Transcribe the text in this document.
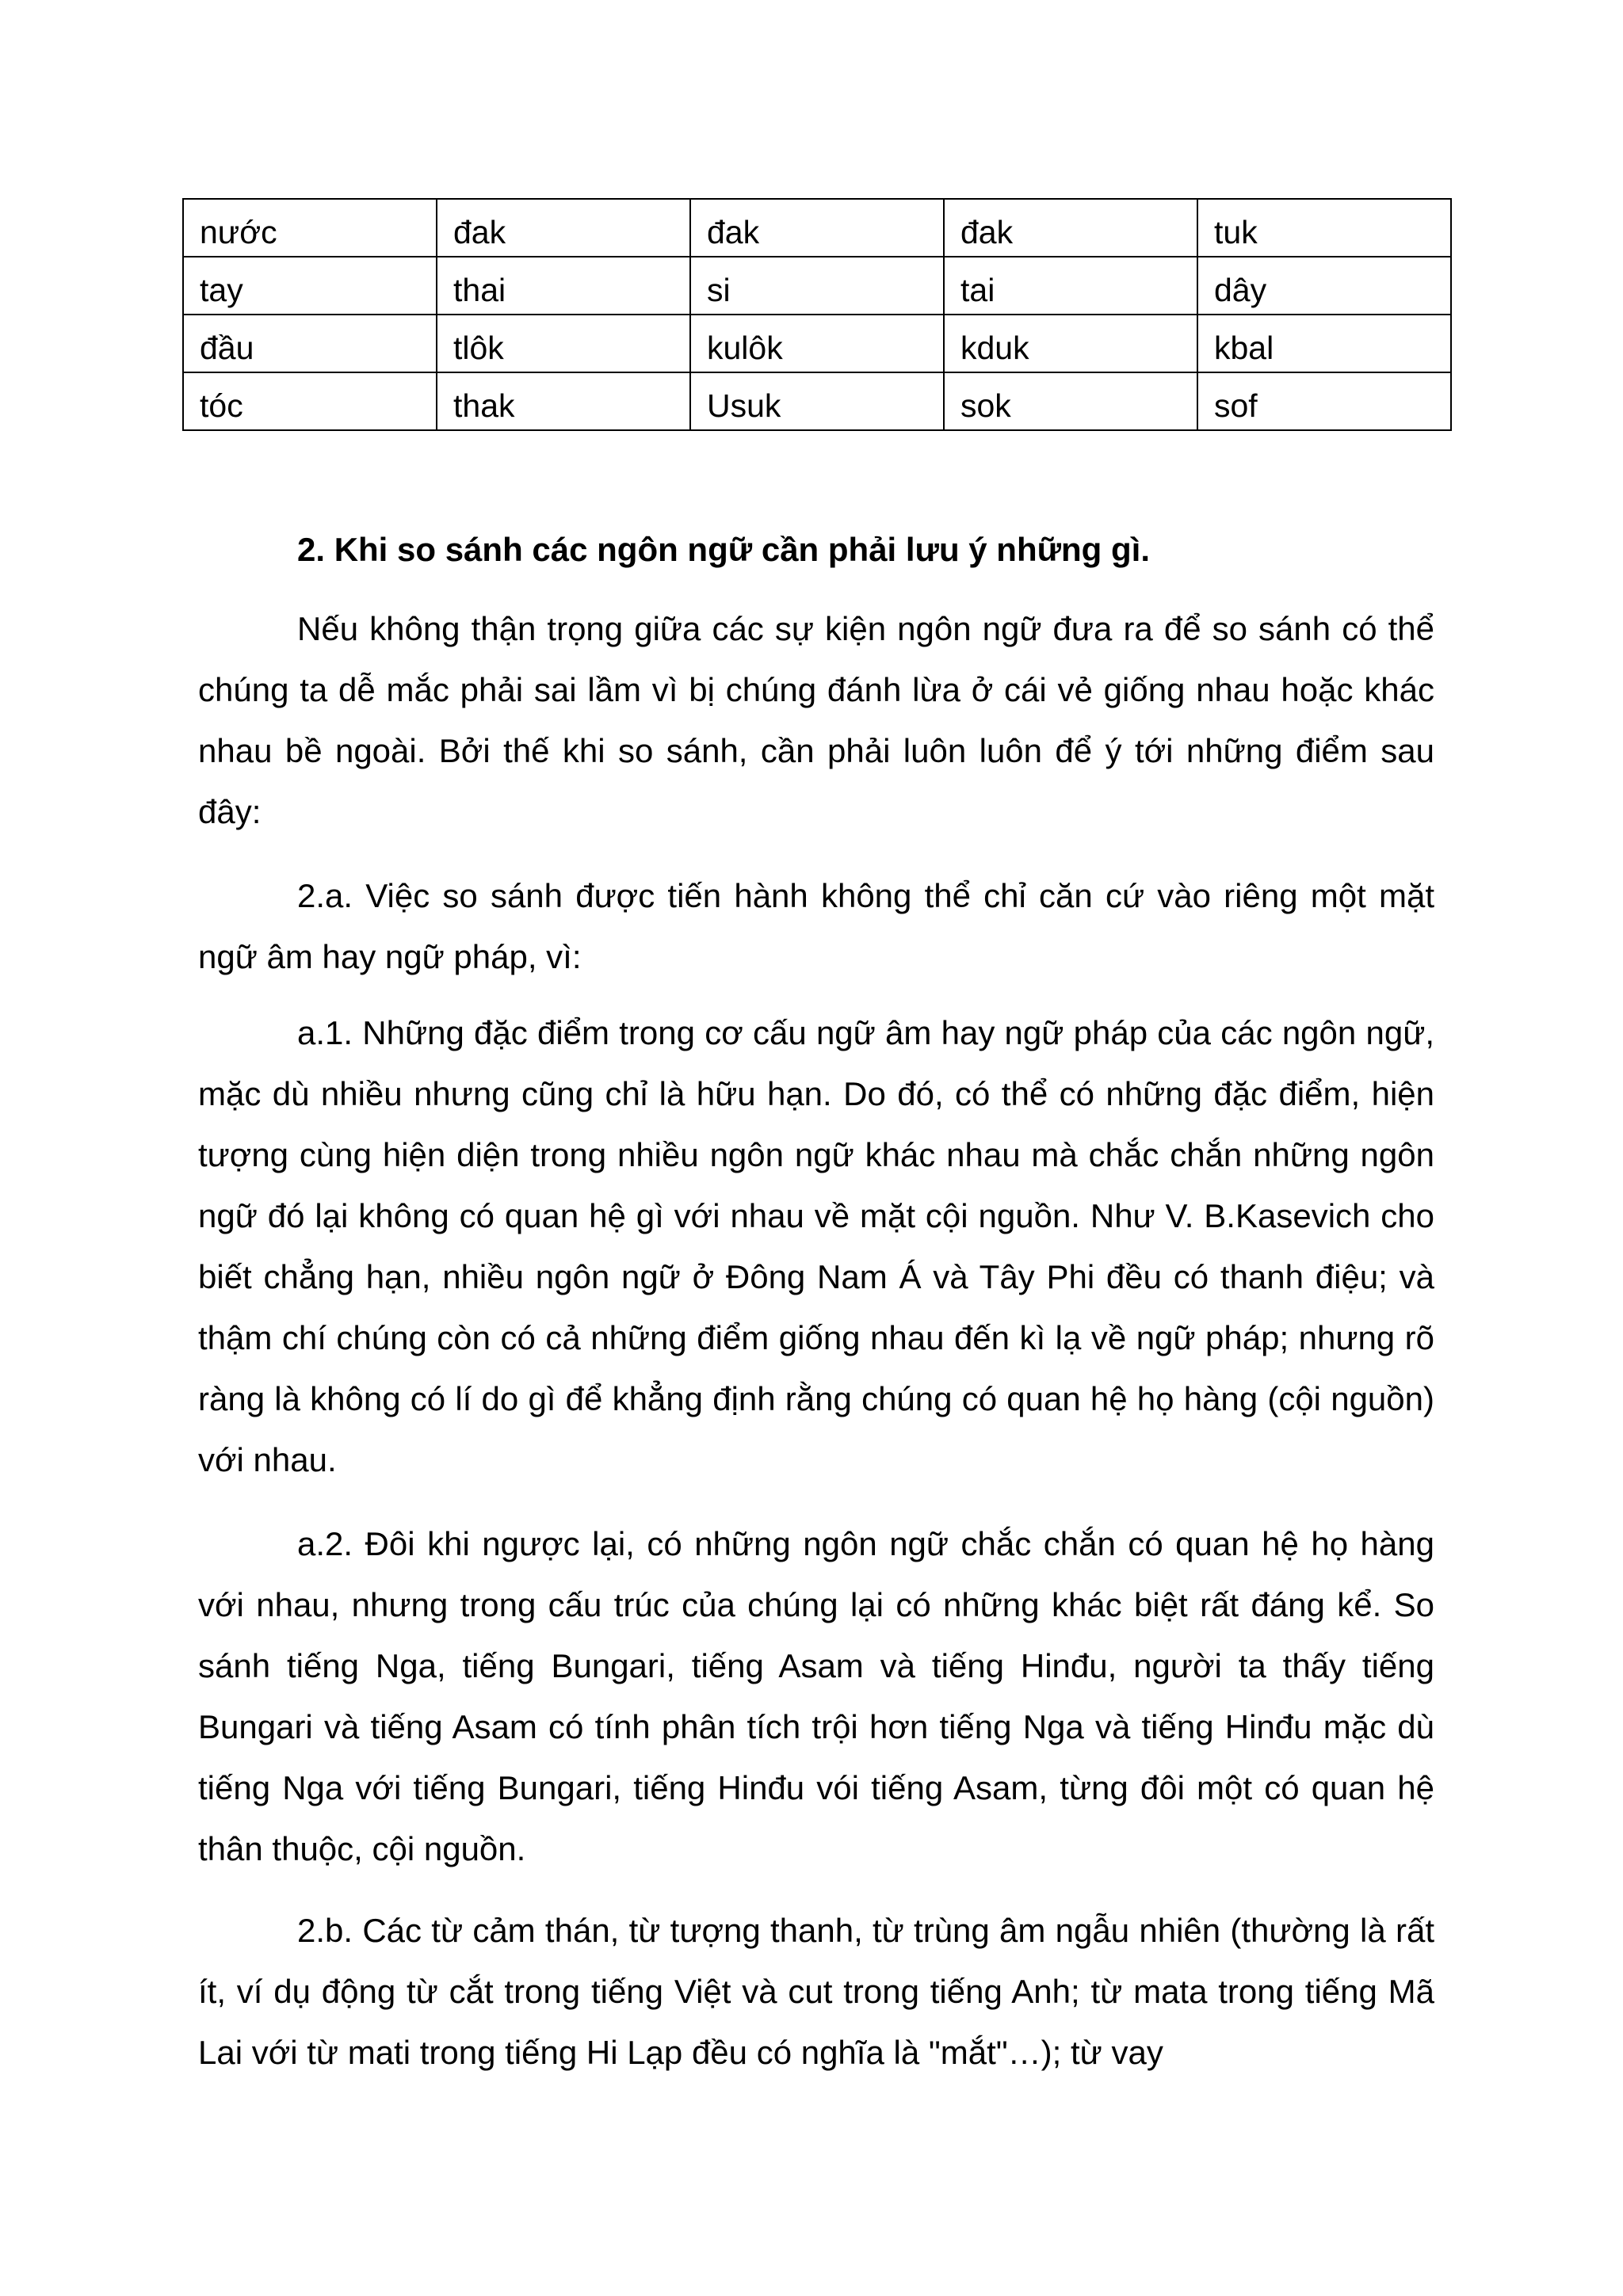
nước	đak	đak	đak	tuk
tay	thai	si	tai	dây
đầu	tlôk	kulôk	kduk	kbal
tóc	thak	Usuk	sok	sof

2. Khi so sánh các ngôn ngữ cần phải lưu ý những gì.

Nếu không thận trọng giữa các sự kiện ngôn ngữ đưa ra để so sánh có thể chúng ta dễ mắc phải sai lầm vì bị chúng đánh lừa ở cái vẻ giống nhau hoặc khác nhau bề ngoài. Bởi thế khi so sánh, cần phải luôn luôn để ý tới những điểm sau đây:

2.a. Việc so sánh được tiến hành không thể chỉ căn cứ vào riêng một mặt ngữ âm hay ngữ pháp, vì:

a.1. Những đặc điểm trong cơ cấu ngữ âm hay ngữ pháp của các ngôn ngữ, mặc dù nhiều nhưng cũng chỉ là hữu hạn. Do đó, có thể có những đặc điểm, hiện tượng cùng hiện diện trong nhiều ngôn ngữ khác nhau mà chắc chắn những ngôn ngữ đó lại không có quan hệ gì với nhau về mặt cội nguồn. Như V. B.Kasevich cho biết chẳng hạn, nhiều ngôn ngữ ở Đông Nam Á và Tây Phi đều có thanh điệu; và thậm chí chúng còn có cả những điểm giống nhau đến kì lạ về ngữ pháp; nhưng rõ ràng là không có lí do gì để khẳng định rằng chúng có quan hệ họ hàng (cội nguồn) với nhau.

a.2. Đôi khi ngược lại, có những ngôn ngữ chắc chắn có quan hệ họ hàng với nhau, nhưng trong cấu trúc của chúng lại có những khác biệt rất đáng kể. So sánh tiếng Nga, tiếng Bungari, tiếng Asam và tiếng Hinđu, người ta thấy tiếng Bungari và tiếng Asam có tính phân tích trội hơn tiếng Nga và tiếng Hinđu mặc dù tiếng Nga với tiếng Bungari, tiếng Hinđu vói tiếng Asam, từng đôi một có quan hệ thân thuộc, cội nguồn.

2.b. Các từ cảm thán, từ tượng thanh, từ trùng âm ngẫu nhiên (thường là rất ít, ví dụ động từ cắt trong tiếng Việt và cut trong tiếng Anh; từ mata trong tiếng Mã Lai với từ mati trong tiếng Hi Lạp đều có nghĩa là "mắt"…); từ vay
